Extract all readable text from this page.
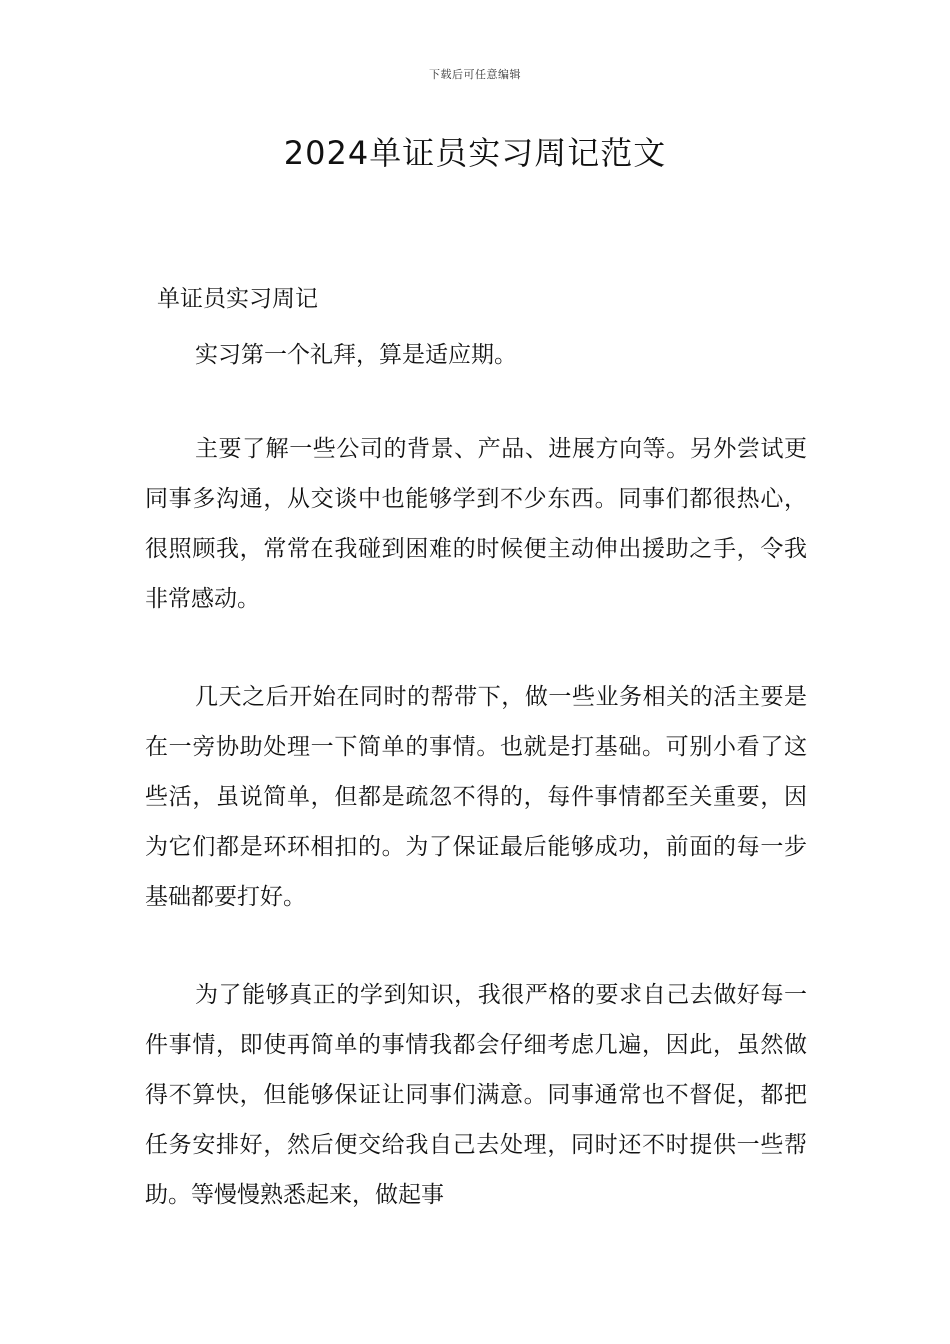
下载后可任意编辑
2024单证员实习周记范文
单证员实习周记

实习第一个礼拜，算是适应期。

主要了解一些公司的背景、产品、进展方向等。另外尝试更同事多沟通，从交谈中也能够学到不少东西。同事们都很热心，很照顾我，常常在我碰到困难的时候便主动伸出援助之手，令我非常感动。

几天之后开始在同时的帮带下，做一些业务相关的活主要是在一旁协助处理一下简单的事情。也就是打基础。可别小看了这些活，虽说简单，但都是疏忽不得的，每件事情都至关重要，因为它们都是环环相扣的。为了保证最后能够成功，前面的每一步基础都要打好。

为了能够真正的学到知识，我很严格的要求自己去做好每一件事情，即使再简单的事情我都会仔细考虑几遍，因此，虽然做得不算快，但能够保证让同事们满意。同事通常也不督促，都把任务安排好，然后便交给我自己去处理，同时还不时提供一些帮助。等慢慢熟悉起来，做起事
